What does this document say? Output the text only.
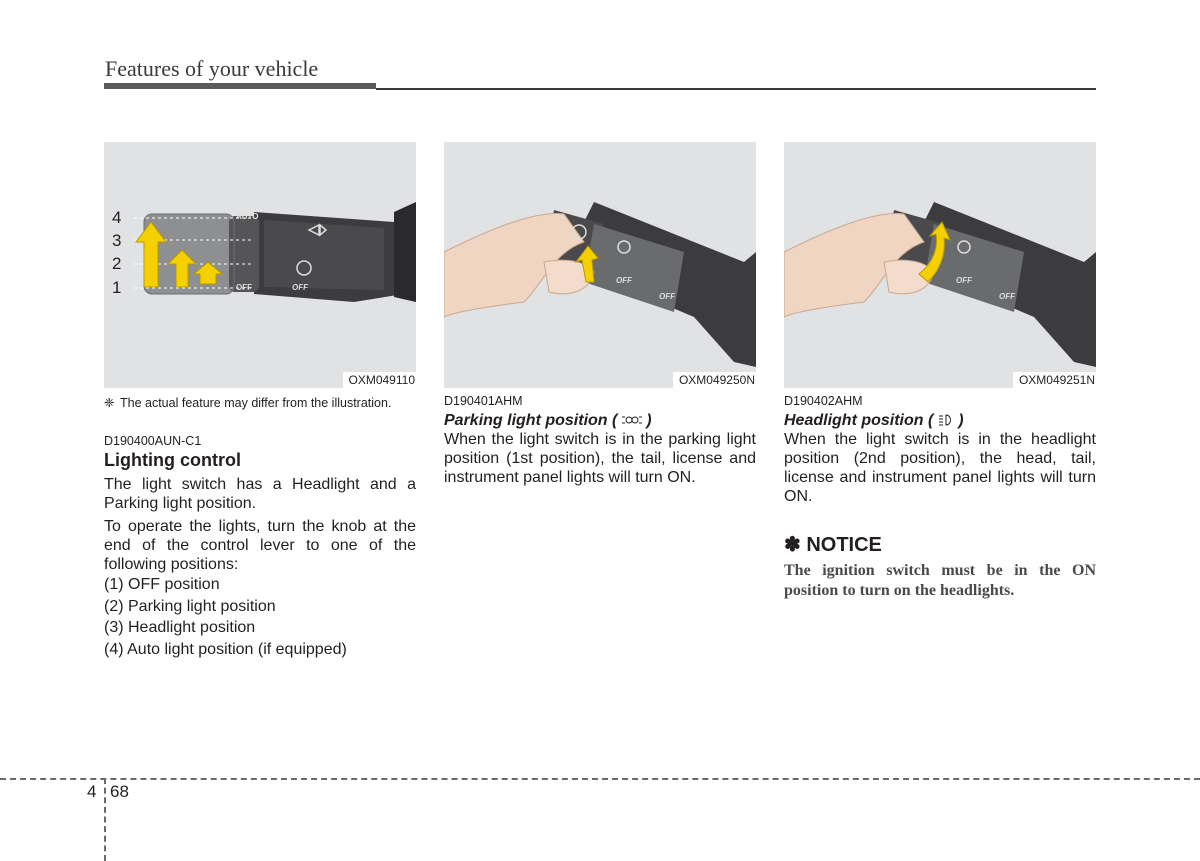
Features of your vehicle
4
3
2
1
AUTO
OFF	OFF
OXM049110
❈ The actual feature may differ from the illustration.
D190400AUN-C1
Lighting control
The light switch has a Headlight and a Parking light position.
To operate the lights, turn the knob at the end of the control lever to one of the following positions:
(1) OFF position
(2) Parking light position
(3) Headlight position
(4) Auto light position (if equipped)
OFF
OFF
OXM049250N
D190401AHM
Parking light position ( )
When the light switch is in the parking light position (1st position), the tail, license and instrument panel lights will turn ON.
OFF
OFF
OXM049251N
D190402AHM
Headlight position ( )
When the light switch is in the headlight position (2nd position), the head, tail, license and instrument panel lights will turn ON.
✽ NOTICE
The ignition switch must be in the ON position to turn on the headlights.
4 68
